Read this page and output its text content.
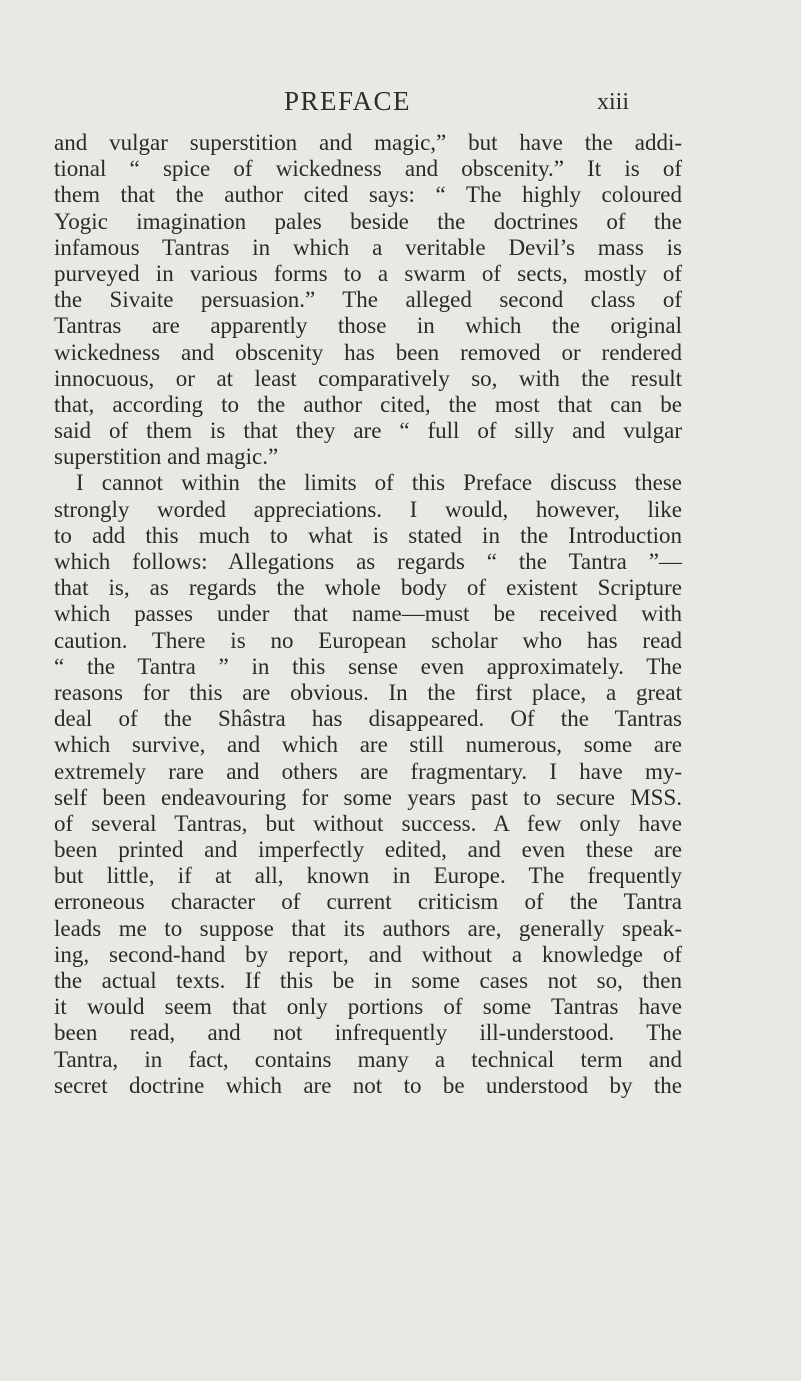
PREFACE	xiii
and vulgar superstition and magic,” but have the addi-
tional “ spice of wickedness and obscenity.” It is of
them that the author cited says: “ The highly coloured
Yogic imagination pales beside the doctrines of the
infamous Tantras in which a veritable Devil’s mass is
purveyed in various forms to a swarm of sects, mostly of
the Sivaite persuasion.” The alleged second class of
Tantras are apparently those in which the original
wickedness and obscenity has been removed or rendered
innocuous, or at least comparatively so, with the result
that, according to the author cited, the most that can be
said of them is that they are “ full of silly and vulgar
superstition and magic.”
I cannot within the limits of this Preface discuss these
strongly worded appreciations. I would, however, like
to add this much to what is stated in the Introduction
which follows: Allegations as regards “ the Tantra ”—
that is, as regards the whole body of existent Scripture
which passes under that name—must be received with
caution. There is no European scholar who has read
“ the Tantra ” in this sense even approximately. The
reasons for this are obvious. In the first place, a great
deal of the Shâstra has disappeared. Of the Tantras
which survive, and which are still numerous, some are
extremely rare and others are fragmentary. I have my-
self been endeavouring for some years past to secure MSS.
of several Tantras, but without success. A few only have
been printed and imperfectly edited, and even these are
but little, if at all, known in Europe. The frequently
erroneous character of current criticism of the Tantra
leads me to suppose that its authors are, generally speak-
ing, second-hand by report, and without a knowledge of
the actual texts. If this be in some cases not so, then
it would seem that only portions of some Tantras have
been read, and not infrequently ill-understood. The
Tantra, in fact, contains many a technical term and
secret doctrine which are not to be understood by the
